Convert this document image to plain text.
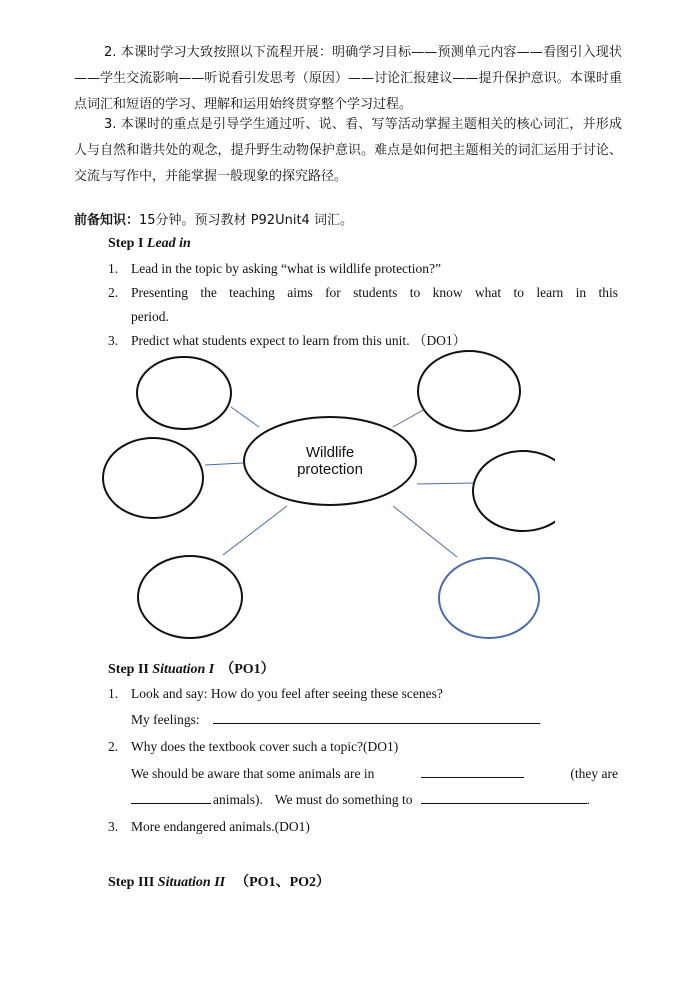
2. 本课时学习大致按照以下流程开展：明确学习目标——预测单元内容——看图引入现状——学生交流影响——听说看引发思考（原因）——讨论汇报建议——提升保护意识。本课时重点词汇和短语的学习、理解和运用始终贯穿整个学习过程。
3. 本课时的重点是引导学生通过听、说、看、写等活动掌握主题相关的核心词汇，并形成人与自然和谐共处的观念，提升野生动物保护意识。难点是如何把主题相关的词汇运用于讨论、交流与写作中，并能掌握一般现象的探究路径。
前备知识：15分钟。预习教材 P92Unit4 词汇。
Step I Lead in
1. Lead in the topic by asking “what is wildlife protection?”
2. Presenting the teaching aims for students to know what to learn in this
period.
3. Predict what students expect to learn from this unit. （DO1）
Wildlife
protection
Step II Situation I （PO1）
1. Look and say: How do you feel after seeing these scenes?
My feelings:
2. Why does the textbook cover such a topic?(DO1)
We should be aware that some animals are in	(they are
animals). We must do something to	.
3. More endangered animals.(DO1)
Step III Situation II （PO1、PO2）
